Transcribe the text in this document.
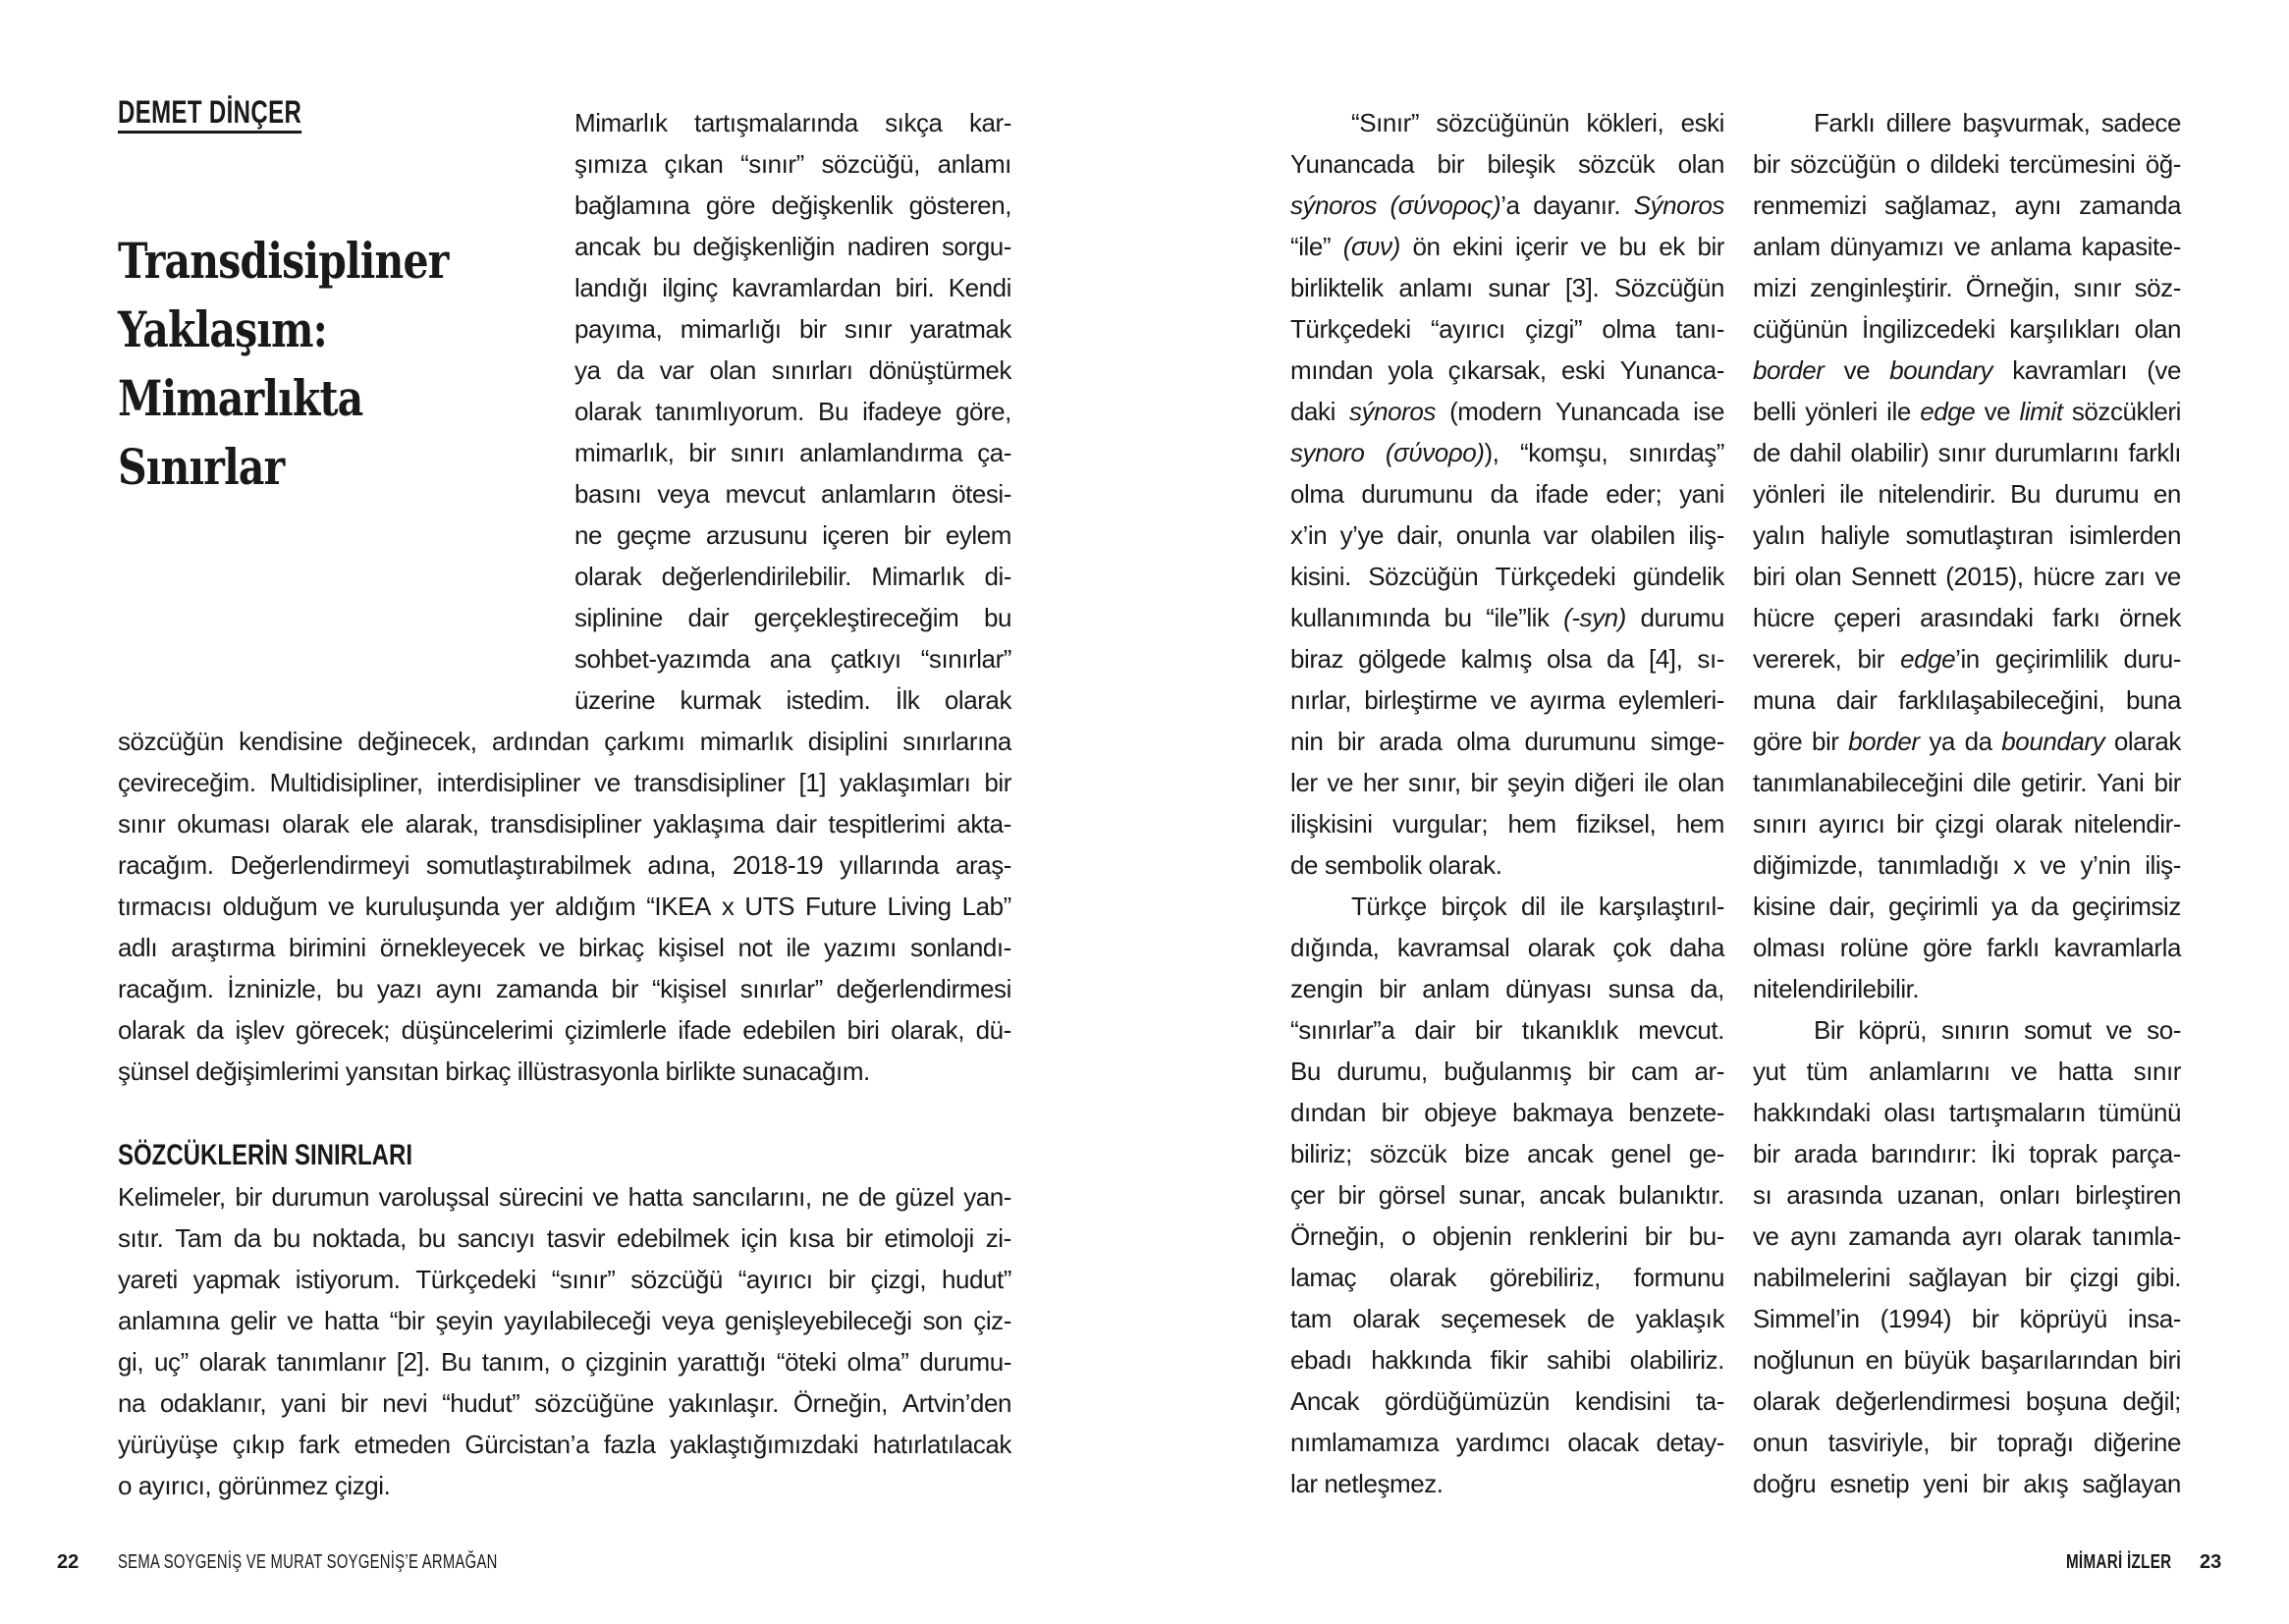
DEMET DİNÇER
Transdisipliner
Yaklaşım:
Mimarlıkta
Sınırlar
Mimarlık tartışmalarında sıkça kar-
şımıza çıkan “sınır” sözcüğü, anlamı
bağlamına göre değişkenlik gösteren,
ancak bu değişkenliğin nadiren sorgu-
landığı ilginç kavramlardan biri. Kendi
payıma, mimarlığı bir sınır yaratmak
ya da var olan sınırları dönüştürmek
olarak tanımlıyorum. Bu ifadeye göre,
mimarlık, bir sınırı anlamlandırma ça-
basını veya mevcut anlamların ötesi-
ne geçme arzusunu içeren bir eylem
olarak değerlendirilebilir. Mimarlık di-
siplinine dair gerçekleştireceğim bu
sohbet-yazımda ana çatkıyı “sınırlar”
üzerine kurmak istedim. İlk olarak
sözcüğün kendisine değinecek, ardından çarkımı mimarlık disiplini sınırlarına
çevireceğim. Multidisipliner, interdisipliner ve transdisipliner [1] yaklaşımları bir
sınır okuması olarak ele alarak, transdisipliner yaklaşıma dair tespitlerimi akta-
racağım. Değerlendirmeyi somutlaştırabilmek adına, 2018-19 yıllarında araş-
tırmacısı olduğum ve kuruluşunda yer aldığım “IKEA x UTS Future Living Lab”
adlı araştırma birimini örnekleyecek ve birkaç kişisel not ile yazımı sonlandı-
racağım. İzninizle, bu yazı aynı zamanda bir “kişisel sınırlar” değerlendirmesi
olarak da işlev görecek; düşüncelerimi çizimlerle ifade edebilen biri olarak, dü-
şünsel değişimlerimi yansıtan birkaç illüstrasyonla birlikte sunacağım.
SÖZCÜKLERİN SINIRLARI
Kelimeler, bir durumun varoluşsal sürecini ve hatta sancılarını, ne de güzel yan-
sıtır. Tam da bu noktada, bu sancıyı tasvir edebilmek için kısa bir etimoloji zi-
yareti yapmak istiyorum. Türkçedeki “sınır” sözcüğü “ayırıcı bir çizgi, hudut”
anlamına gelir ve hatta “bir şeyin yayılabileceği veya genişleyebileceği son çiz-
gi, uç” olarak tanımlanır [2]. Bu tanım, o çizginin yarattığı “öteki olma” durumu-
na odaklanır, yani bir nevi “hudut” sözcüğüne yakınlaşır. Örneğin, Artvin’den
yürüyüşe çıkıp fark etmeden Gürcistan’a fazla yaklaştığımızdaki hatırlatılacak
o ayırıcı, görünmez çizgi.
22 SEMA SOYGENİŞ VE MURAT SOYGENİŞ’E ARMAĞAN
“Sınır” sözcüğünün kökleri, eski
Yunancada bir bileşik sözcük olan
sýnoros (σύνορος)’a dayanır. Sýnoros
“ile” (συν) ön ekini içerir ve bu ek bir
birliktelik anlamı sunar [3]. Sözcüğün
Türkçedeki “ayırıcı çizgi” olma tanı-
mından yola çıkarsak, eski Yunanca-
daki sýnoros (modern Yunancada ise
synoro (σύνορο)), “komşu, sınırdaş”
olma durumunu da ifade eder; yani
x’in y’ye dair, onunla var olabilen iliş-
kisini. Sözcüğün Türkçedeki gündelik
kullanımında bu “ile”lik (-syn) durumu
biraz gölgede kalmış olsa da [4], sı-
nırlar, birleştirme ve ayırma eylemleri-
nin bir arada olma durumunu simge-
ler ve her sınır, bir şeyin diğeri ile olan
ilişkisini vurgular; hem fiziksel, hem
de sembolik olarak.
Türkçe birçok dil ile karşılaştırıl-
dığında, kavramsal olarak çok daha
zengin bir anlam dünyası sunsa da,
“sınırlar”a dair bir tıkanıklık mevcut.
Bu durumu, buğulanmış bir cam ar-
dından bir objeye bakmaya benzete-
biliriz; sözcük bize ancak genel ge-
çer bir görsel sunar, ancak bulanıktır.
Örneğin, o objenin renklerini bir bu-
lamaç olarak görebiliriz, formunu
tam olarak seçemesek de yaklaşık
ebadı hakkında fikir sahibi olabiliriz.
Ancak gördüğümüzün kendisini ta-
nımlamamıza yardımcı olacak detay-
lar netleşmez.
Farklı dillere başvurmak, sadece
bir sözcüğün o dildeki tercümesini öğ-
renmemizi sağlamaz, aynı zamanda
anlam dünyamızı ve anlama kapasite-
mizi zenginleştirir. Örneğin, sınır söz-
cüğünün İngilizcedeki karşılıkları olan
border ve boundary kavramları (ve
belli yönleri ile edge ve limit sözcükleri
de dahil olabilir) sınır durumlarını farklı
yönleri ile nitelendirir. Bu durumu en
yalın haliyle somutlaştıran isimlerden
biri olan Sennett (2015), hücre zarı ve
hücre çeperi arasındaki farkı örnek
vererek, bir edge’in geçirimlilik duru-
muna dair farklılaşabileceğini, buna
göre bir border ya da boundary olarak
tanımlanabileceğini dile getirir. Yani bir
sınırı ayırıcı bir çizgi olarak nitelendir-
diğimizde, tanımladığı x ve y’nin iliş-
kisine dair, geçirimli ya da geçirimsiz
olması rolüne göre farklı kavramlarla
nitelendirilebilir.
Bir köprü, sınırın somut ve so-
yut tüm anlamlarını ve hatta sınır
hakkındaki olası tartışmaların tümünü
bir arada barındırır: İki toprak parça-
sı arasında uzanan, onları birleştiren
ve aynı zamanda ayrı olarak tanımla-
nabilmelerini sağlayan bir çizgi gibi.
Simmel’in (1994) bir köprüyü insa-
noğlunun en büyük başarılarından biri
olarak değerlendirmesi boşuna değil;
onun tasviriyle, bir toprağı diğerine
doğru esnetip yeni bir akış sağlayan
MİMARİ İZLER 23
